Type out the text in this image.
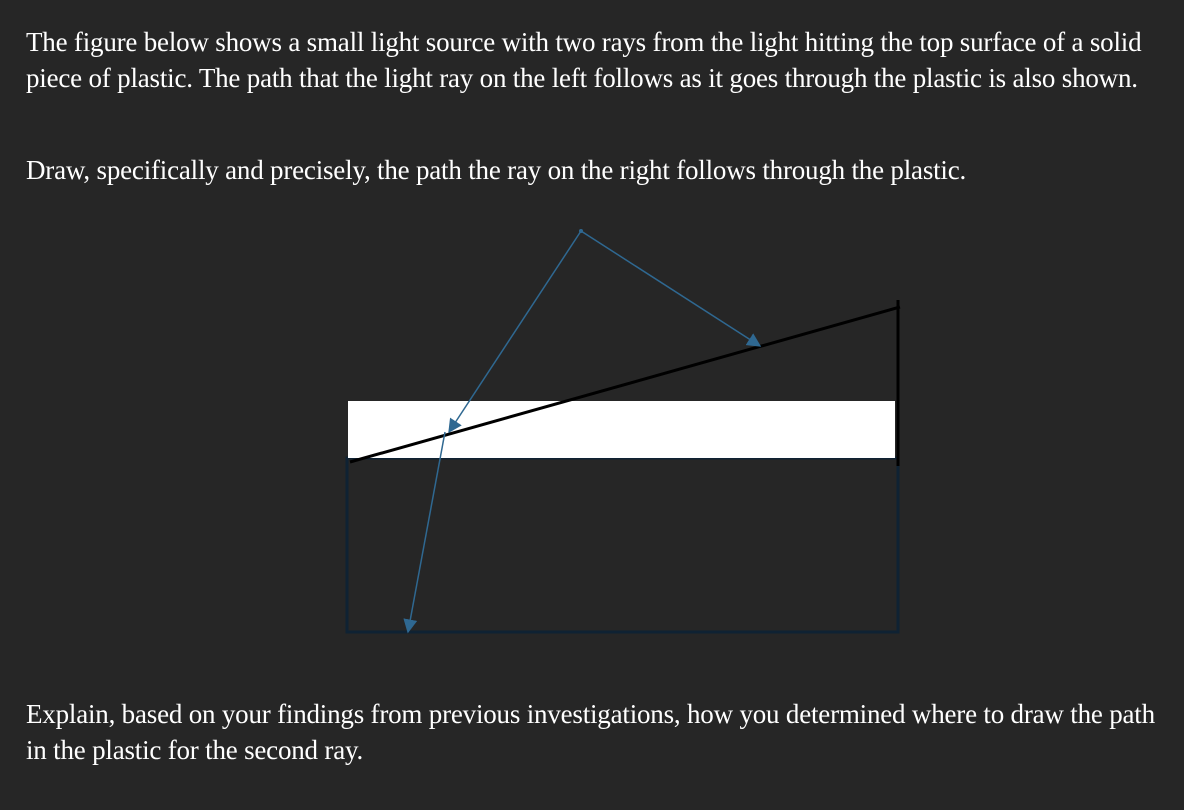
The figure below shows a small light source with two rays from the light hitting the top surface of a solid piece of plastic. The path that the light ray on the left follows as it goes through the plastic is also shown.

Draw, specifically and precisely, the path the ray on the right follows through the plastic.

Explain, based on your findings from previous investigations, how you determined where to draw the path in the plastic for the second ray.
